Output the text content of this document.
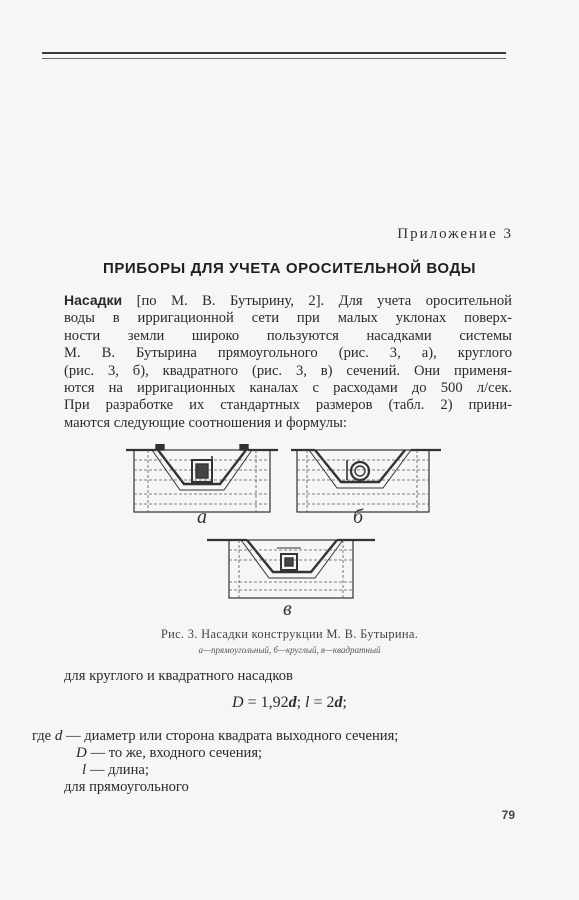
Приложение 3
ПРИБОРЫ ДЛЯ УЧЕТА ОРОСИТЕЛЬНОЙ ВОДЫ
Насадки [по М. В. Бутырину, 2]. Для учета оросительной
воды в ирригационной сети при малых уклонах поверх-
ности земли широко пользуются насадками системы
М. В. Бутырина прямоугольного (рис. 3, а), круглого
(рис. 3, б), квадратного (рис. 3, в) сечений. Они применя-
ются на ирригационных каналах с расходами до 500 л/сек.
При разработке их стандартных размеров (табл. 2) прини-
маются следующие соотношения и формулы:
а	б
в
Рис. 3. Насадки конструкции М. В. Бутырина.
а—прямоугольный, б—круглый, в—квадратный
для круглого и квадратного насадков
D = 1,92d; l = 2d;
где d — диаметр или сторона квадрата выходного сечения;
D — то же, входного сечения;
l — длина;
для прямоугольного
79
